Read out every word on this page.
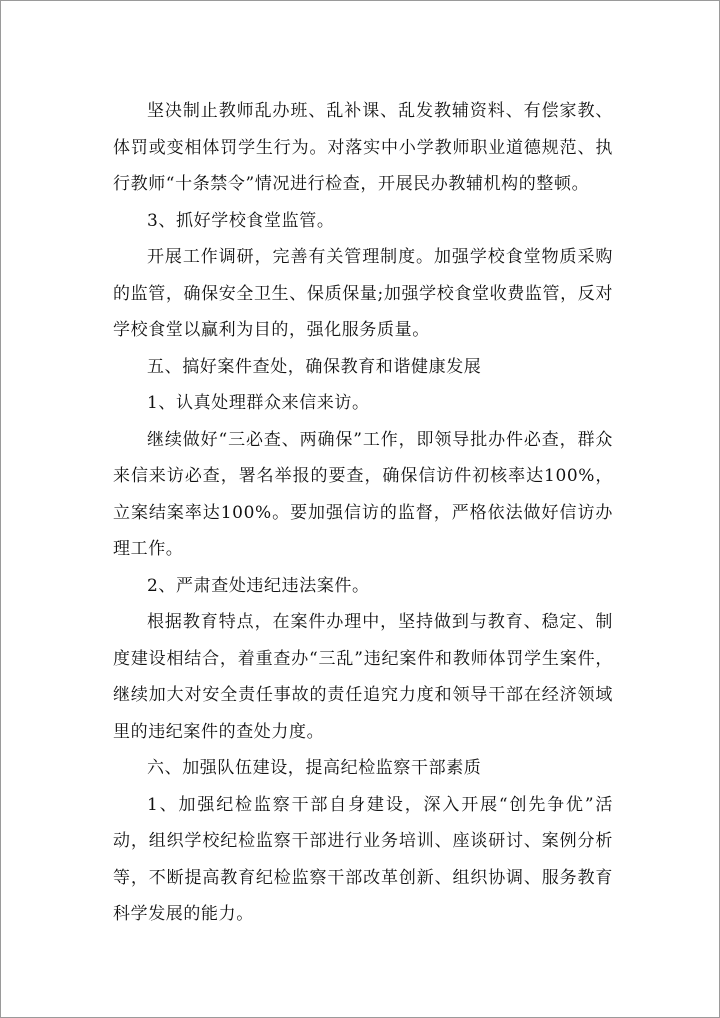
坚决制止教师乱办班、乱补课、乱发教辅资料、有偿家教、体罚或变相体罚学生行为。对落实中小学教师职业道德规范、执行教师“十条禁令”情况进行检查，开展民办教辅机构的整顿。

3、抓好学校食堂监管。

开展工作调研，完善有关管理制度。加强学校食堂物质采购的监管，确保安全卫生、保质保量;加强学校食堂收费监管，反对学校食堂以赢利为目的，强化服务质量。

五、搞好案件查处，确保教育和谐健康发展

1、认真处理群众来信来访。

继续做好“三必查、两确保”工作，即领导批办件必查，群众来信来访必查，署名举报的要查，确保信访件初核率达100%，立案结案率达100%。要加强信访的监督，严格依法做好信访办理工作。

2、严肃查处违纪违法案件。

根据教育特点，在案件办理中，坚持做到与教育、稳定、制度建设相结合，着重查办“三乱”违纪案件和教师体罚学生案件，继续加大对安全责任事故的责任追究力度和领导干部在经济领域里的违纪案件的查处力度。

六、加强队伍建设，提高纪检监察干部素质

1、加强纪检监察干部自身建设，深入开展“创先争优”活动，组织学校纪检监察干部进行业务培训、座谈研讨、案例分析等，不断提高教育纪检监察干部改革创新、组织协调、服务教育科学发展的能力。
